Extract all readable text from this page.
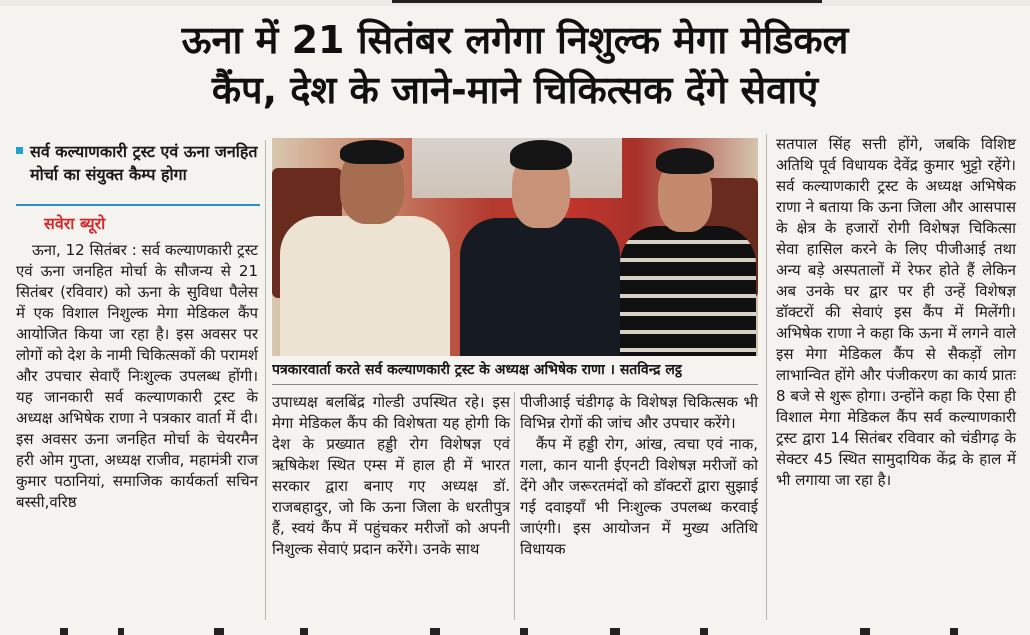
ऊना में 21 सितंबर लगेगा निशुल्क मेगा मेडिकल
कैंप, देश के जाने-माने चिकित्सक देंगे सेवाएं
सर्व कल्याणकारी ट्रस्ट एवं ऊना जनहित मोर्चा का संयुक्त कैम्प होगा
सवेरा ब्यूरो

ऊना, 12 सितंबर : सर्व कल्याणकारी ट्रस्ट एवं ऊना जनहित मोर्चा के सौजन्य से 21 सितंबर (रविवार) को ऊना के सुविधा पैलेस में एक विशाल निशुल्क मेगा मेडिकल कैंप आयोजित किया जा रहा है। इस अवसर पर लोगों को देश के नामी चिकित्सकों की परामर्श और उपचार सेवाएँ निःशुल्क उपलब्ध होंगी। यह जानकारी सर्व कल्याणकारी ट्रस्ट के अध्यक्ष अभिषेक राणा ने पत्रकार वार्ता में दी। इस अवसर ऊना जनहित मोर्चा के चेयरमैन हरी ओम गुप्ता, अध्यक्ष राजीव, महामंत्री राज कुमार पठानियां, समाजिक कार्यकर्ता सचिन बस्सी,वरिष्ठ

पत्रकारवार्ता करते सर्व कल्याणकारी ट्रस्ट के अध्यक्ष अभिषेक राणा । सतविन्द्र लट्ठ

उपाध्यक्ष बलबिंद्र गोल्डी उपस्थित रहे। इस मेगा मेडिकल कैंप की विशेषता यह होगी कि देश के प्रख्यात हड्डी रोग विशेषज्ञ एवं ऋषिकेश स्थित एम्स में हाल ही में भारत सरकार द्वारा बनाए गए अध्यक्ष डॉ. राजबहादुर, जो कि ऊना जिला के धरतीपुत्र हैं, स्वयं कैंप में पहुंचकर मरीजों को अपनी निशुल्क सेवाएं प्रदान करेंगे। उनके साथ

पीजीआई चंडीगढ़ के विशेषज्ञ चिकित्सक भी विभिन्न रोगों की जांच और उपचार करेंगे।

कैंप में हड्डी रोग, आंख, त्वचा एवं नाक, गला, कान यानी ईएनटी विशेषज्ञ मरीजों को देंगे और जरूरतमंदों को डॉक्टरों द्वारा सुझाई गई दवाइयाँ भी निःशुल्क उपलब्ध करवाई जाएंगी। इस आयोजन में मुख्य अतिथि विधायक

सतपाल सिंह सत्ती होंगे, जबकि विशिष्ट अतिथि पूर्व विधायक देवेंद्र कुमार भुट्टो रहेंगे। सर्व कल्याणकारी ट्रस्ट के अध्यक्ष अभिषेक राणा ने बताया कि ऊना जिला और आसपास के क्षेत्र के हजारों रोगी विशेषज्ञ चिकित्सा सेवा हासिल करने के लिए पीजीआई तथा अन्य बड़े अस्पतालों में रेफर होते हैं लेकिन अब उनके घर द्वार पर ही उन्हें विशेषज्ञ डॉक्टरों की सेवाएं इस कैंप में मिलेंगी। अभिषेक राणा ने कहा कि ऊना में लगने वाले इस मेगा मेडिकल कैंप से सैकड़ों लोग लाभान्वित होंगे और पंजीकरण का कार्य प्रातः 8 बजे से शुरू होगा। उन्होंने कहा कि ऐसा ही विशाल मेगा मेडिकल कैंप सर्व कल्याणकारी ट्रस्ट द्वारा 14 सितंबर रविवार को चंडीगढ़ के सेक्टर 45 स्थित सामुदायिक केंद्र के हाल में भी लगाया जा रहा है।
